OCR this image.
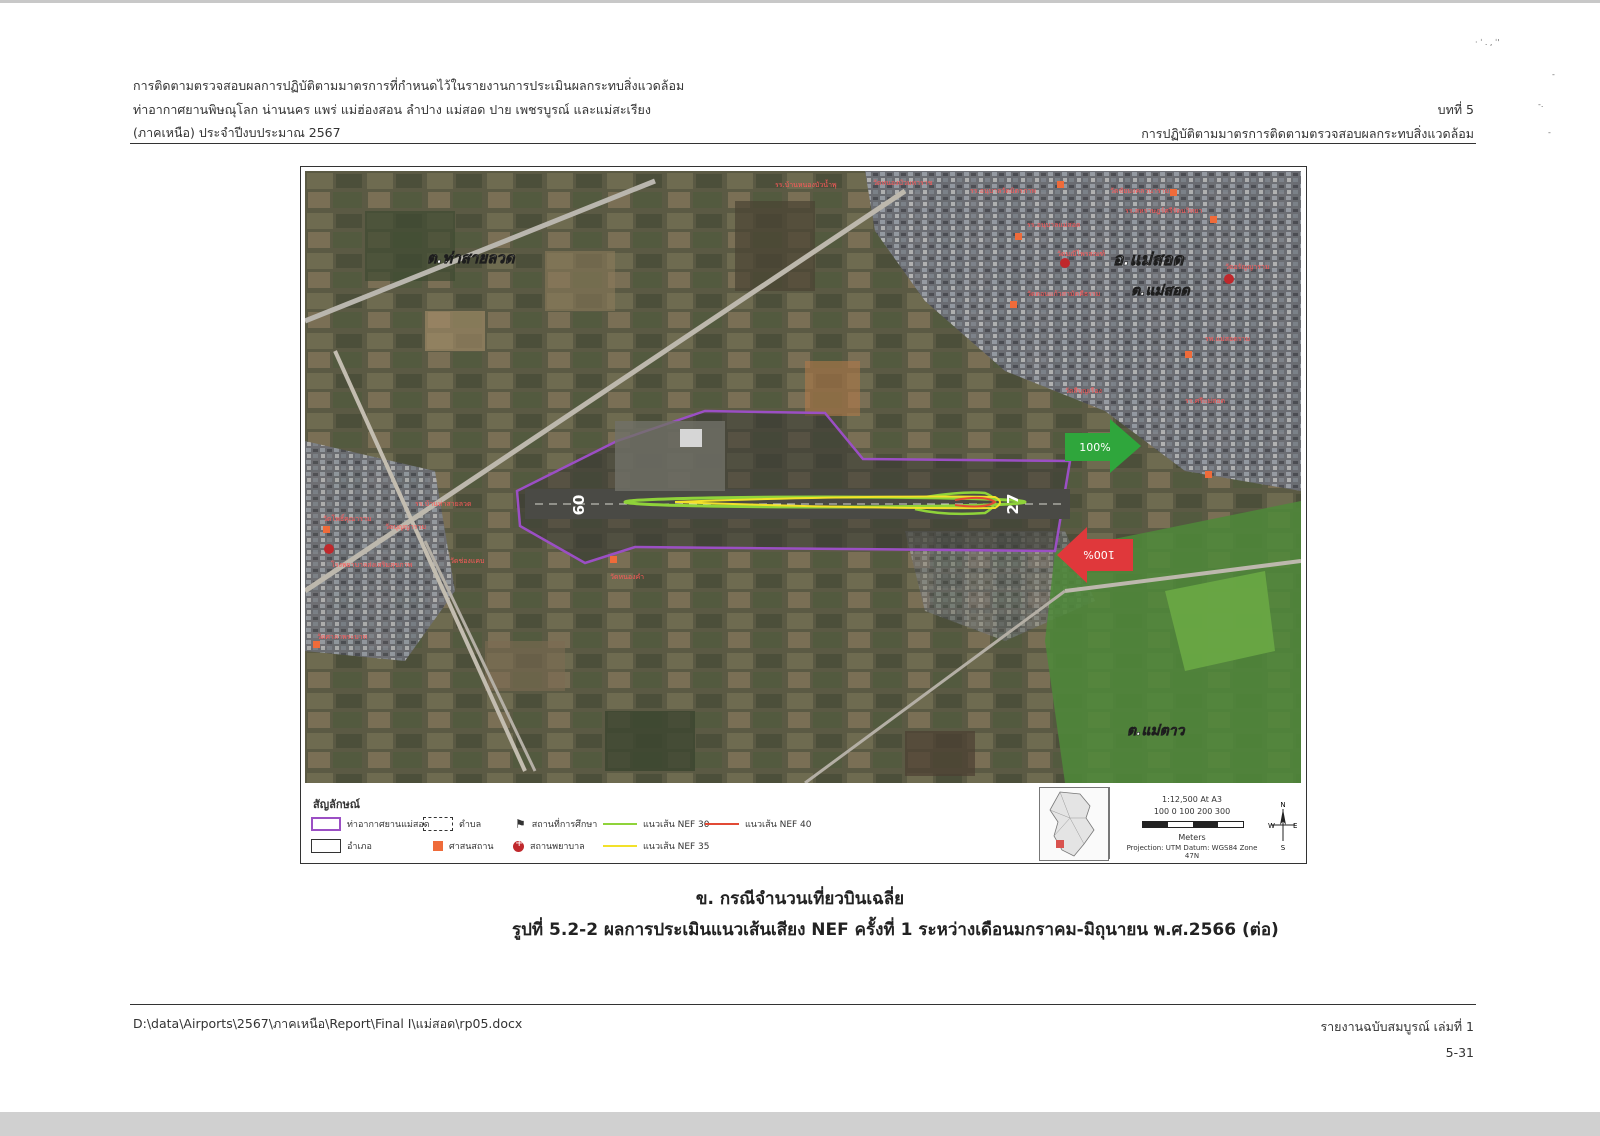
การติดตามตรวจสอบผลการปฏิบัติตามมาตรการที่กำหนดไว้ในรายงานการประเมินผลกระทบสิ่งแวดล้อม
ท่าอากาศยานพิษณุโลก น่านนคร แพร่ แม่ฮ่องสอน ลำปาง แม่สอด ปาย เพชรบูรณ์ และแม่สะเรียง
(ภาคเหนือ) ประจำปีงบประมาณ 2567
บทที่ 5
การปฏิบัติตามมาตรการติดตามตรวจสอบผลกระทบสิ่งแวดล้อม
· ˈ . , ˈ'
-
-.
-
รร.บ้านหนองบัวน้ำพุ	วัดหนองบัวมหาราช
รร.อนุบาลวัดมิตรภาพ	วัดชัยมงคลวนาราม
รร.สหราษฎร์ศรีรัตนวิทยา
รร.อนุบาลแม่สอด
วัดมณีไพรสณฑ์
วัดดอนแก้วสามัคคีธรรม
วัดอรัญญาราม
รพ.แม่สอดราม
วัดสีบุญเรือง
รร.ศรีแม่สอด
รร.บ้านท่าสายลวด
วัดโพธิ์คุณาราม
วัดบุญญาราม
วัดช่องแคบ
โรงพยาบาลส่งเสริมสุขภาพ
วัดหนองคำ
วัดศาลาพระบาท
ต.ท่าสายลวด	อ.แม่สอด
ต.แม่สอด
ต.แม่ตาว
09	27
100%
100%
สัญลักษณ์
ท่าอากาศยานแม่สอด	ตำบล
อำเภอ	ศาสนสถาน
⚑ สถานที่การศึกษา
+
สถานพยาบาล
แนวเส้น NEF 30
แนวเส้น NEF 35
แนวเส้น NEF 40
1:12,500 At A3
100 0 100 200 300
Meters
Projection: UTM Datum: WGS84 Zone 47N
N
S
W	E
ข. กรณีจำนวนเที่ยวบินเฉลี่ย
รูปที่ 5.2-2 ผลการประเมินแนวเส้นเสียง NEF ครั้งที่ 1 ระหว่างเดือนมกราคม-มิถุนายน พ.ศ.2566 (ต่อ)
D:\data\Airports\2567\ภาคเหนือ\Report\Final I\แม่สอด\rp05.docx	รายงานฉบับสมบูรณ์ เล่มที่ 1
5-31
